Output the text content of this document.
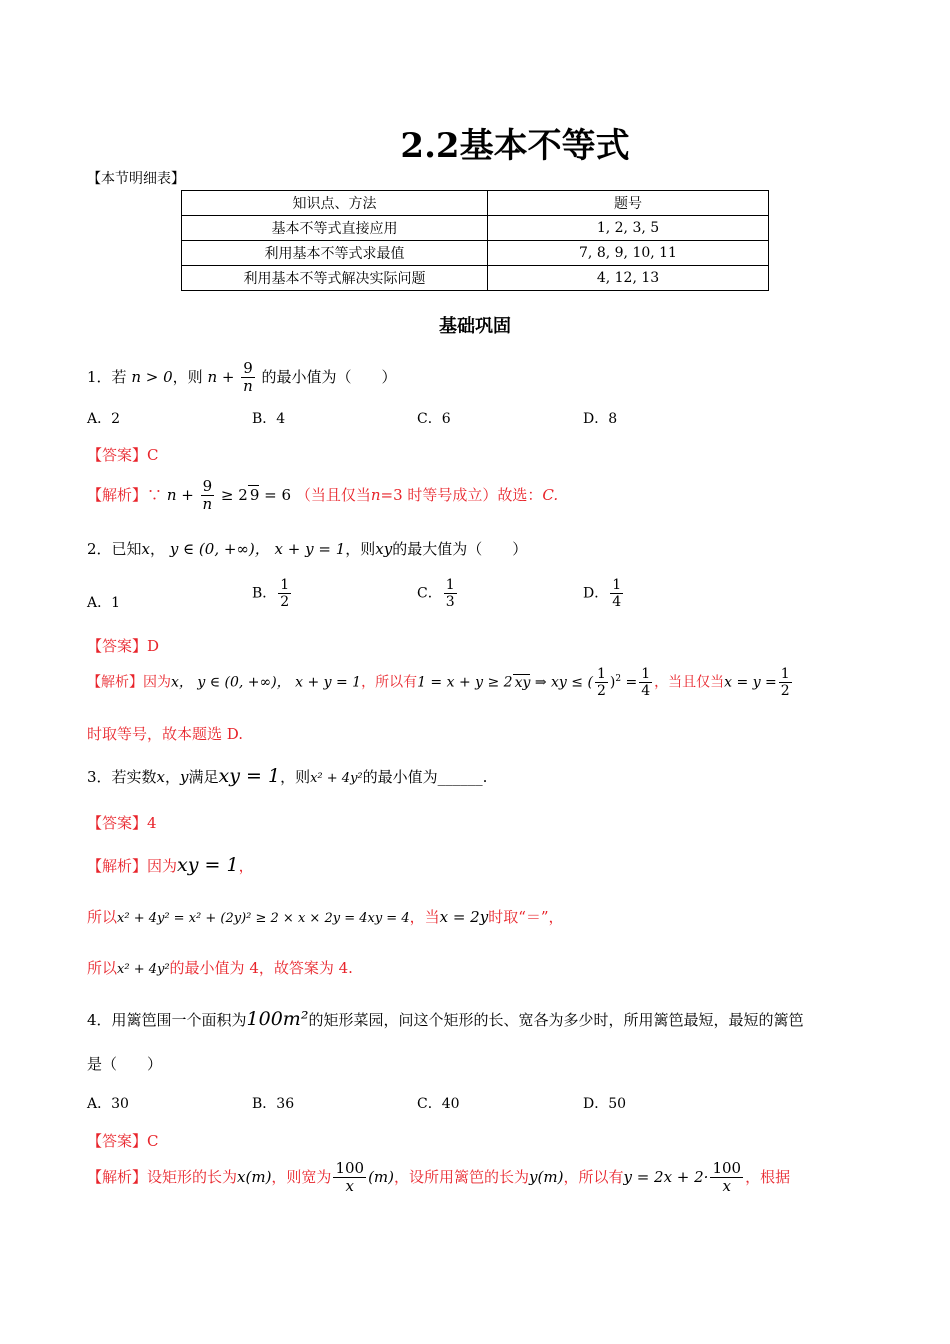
2.2基本不等式
【本节明细表】
知识点、方法	题号
基本不等式直接应用	1, 2, 3, 5
利用基本不等式求最值	7, 8, 9, 10, 11
利用基本不等式解决实际问题	4, 12, 13
基础巩固
1．若 n > 0，则 $n + \frac{9}{n}$ 的最小值为（　　）
A．2	B．4	C．6	D．8
【答案】C
【解析】∵ $n + \frac{9}{n} \ge 2$ 9 = 6 （当且仅当n=3 时等号成立）故选：C.
2．已知x， y ∈ (0, +∞)， x + y = 1，则xy的最大值为（　　）
A．1
B． $\frac{1}{2}$	C． $\frac{1}{3}$	D． $\frac{1}{4}$
【答案】D
【解析】因为x， y ∈ (0, +∞)， x + y = 1，所以有1 = x + y ≥ 2 xy ⇒ xy ≤ ( $\frac{1}{2} )^2 = \frac{1}{4}$ ，当且仅当$x = y = \frac{1}{2}$
时取等号，故本题选 D.
3．若实数x，y满足xy = 1，则x² + 4y²的最小值为______.
【答案】4
【解析】因为xy = 1，
所以x² + 4y² = x² + (2y)² ≥ 2 × x × 2y = 4xy = 4，当x = 2y时取“＝”，
所以x² + 4y²的最小值为 4，故答案为 4.
4．用篱笆围一个面积为100m²的矩形菜园，问这个矩形的长、宽各为多少时，所用篱笆最短，最短的篱笆
是（　　）
A．30	B．36	C．40	D．50
【答案】C
【解析】设矩形的长为x(m)，则宽为 $\frac{100}{x} (m)$，设所用篱笆的长为y(m)，所以有$y = 2x + 2\cdot \frac{100}{x}$ ，根据
